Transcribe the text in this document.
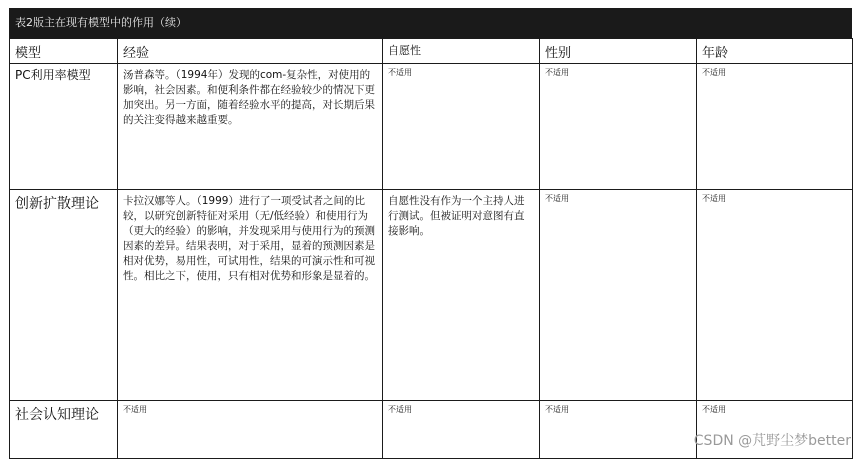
表2版主在现有模型中的作用（续）
模型	经验	自愿性	性别	年龄
PC利用率模型	汤普森等。（1994年）发现的com-复杂性，对使用的影响，社会因素。和便利条件都在经验较少的情况下更加突出。另一方面，随着经验水平的提高，对长期后果的关注变得越来越重要。	不适用	不适用	不适用
创新扩散理论	卡拉汉娜等人。（1999）进行了一项受试者之间的比较，以研究创新特征对采用（无/低经验）和使用行为（更大的经验）的影响，并发现采用与使用行为的预测因素的差异。结果表明，对于采用，显着的预测因素是相对优势，易用性，可试用性，结果的可演示性和可视性。相比之下，使用，只有相对优势和形象是显着的。	自愿性没有作为一个主持人进行测试。但被证明对意图有直接影响。	不适用	不适用
社会认知理论	不适用	不适用	不适用	不适用
CSDN @芃野尘梦better
